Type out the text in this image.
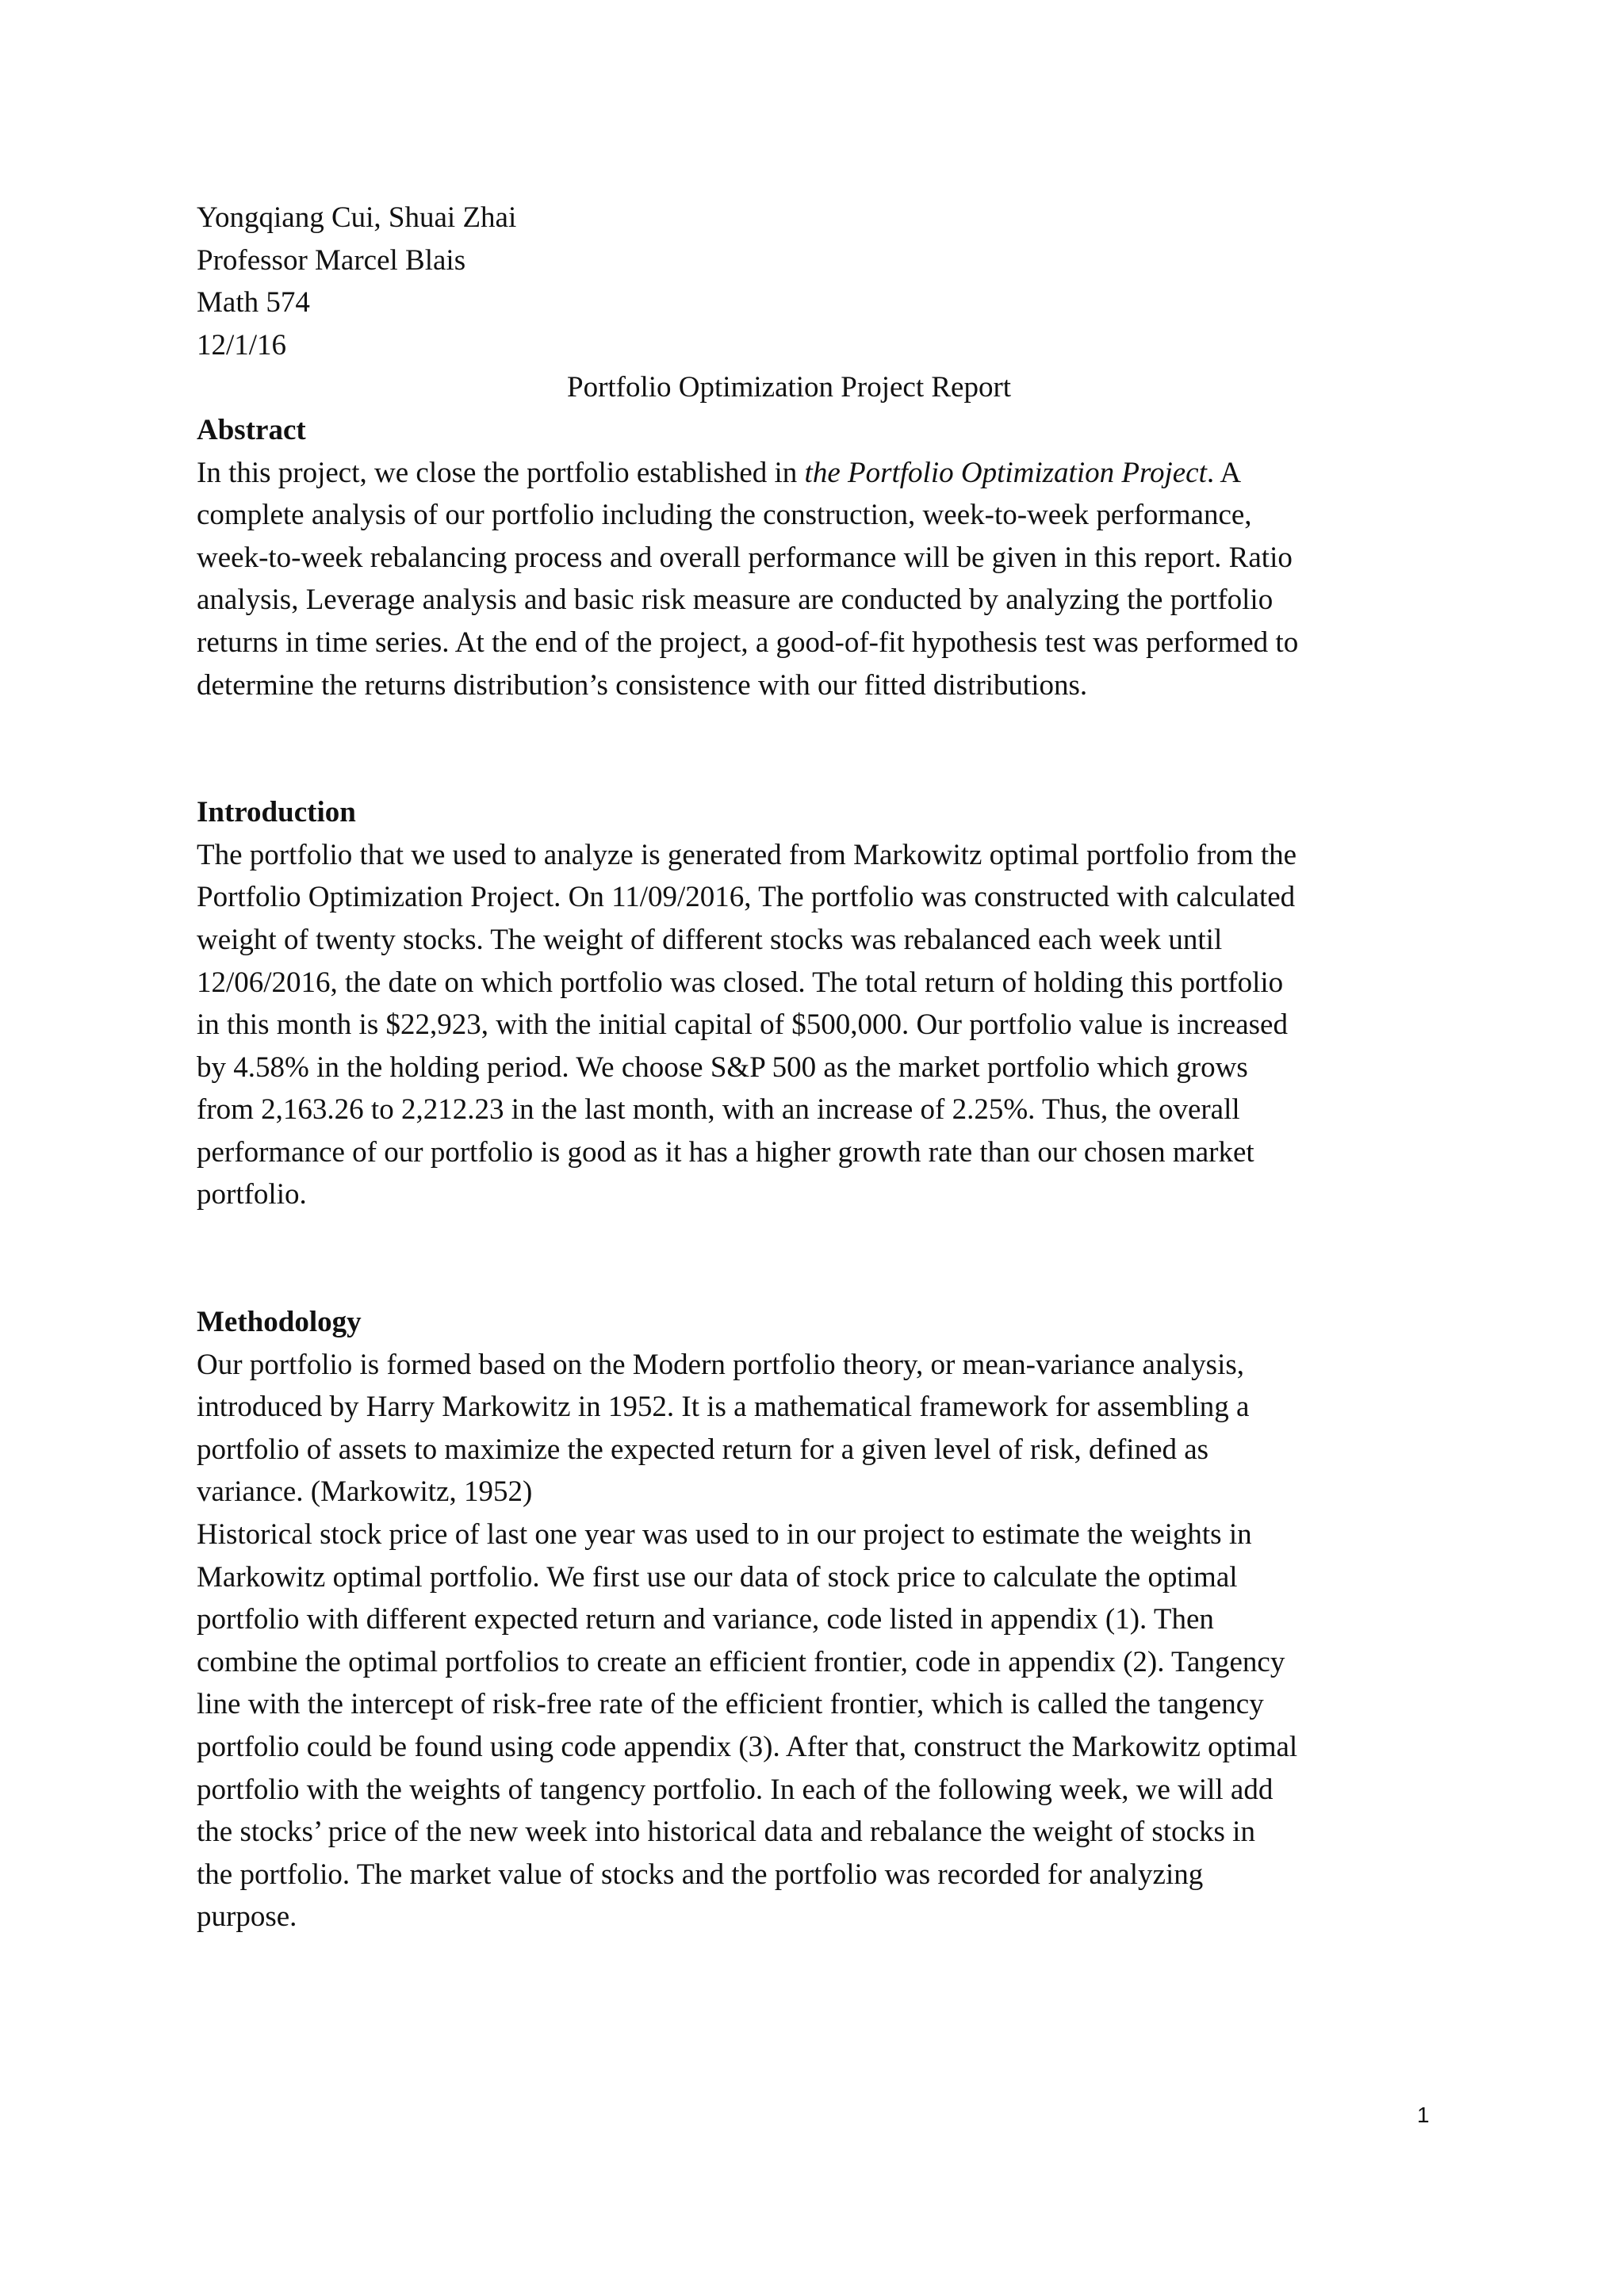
Yongqiang Cui, Shuai Zhai
Professor Marcel Blais
Math 574
12/1/16
Portfolio Optimization Project Report
Abstract
In this project, we close the portfolio established in the Portfolio Optimization Project. A
complete analysis of our portfolio including the construction, week-to-week performance,
week-to-week rebalancing process and overall performance will be given in this report. Ratio
analysis, Leverage analysis and basic risk measure are conducted by analyzing the portfolio
returns in time series. At the end of the project, a good-of-fit hypothesis test was performed to
determine the returns distribution’s consistence with our fitted distributions.
Introduction
The portfolio that we used to analyze is generated from Markowitz optimal portfolio from the
Portfolio Optimization Project. On 11/09/2016, The portfolio was constructed with calculated
weight of twenty stocks. The weight of different stocks was rebalanced each week until
12/06/2016, the date on which portfolio was closed. The total return of holding this portfolio
in this month is $22,923, with the initial capital of $500,000. Our portfolio value is increased
by 4.58% in the holding period. We choose S&P 500 as the market portfolio which grows
from 2,163.26 to 2,212.23 in the last month, with an increase of 2.25%. Thus, the overall
performance of our portfolio is good as it has a higher growth rate than our chosen market
portfolio.
Methodology
Our portfolio is formed based on the Modern portfolio theory, or mean-variance analysis,
introduced by Harry Markowitz in 1952. It is a mathematical framework for assembling a
portfolio of assets to maximize the expected return for a given level of risk, defined as
variance. (Markowitz, 1952)
Historical stock price of last one year was used to in our project to estimate the weights in
Markowitz optimal portfolio. We first use our data of stock price to calculate the optimal
portfolio with different expected return and variance, code listed in appendix (1). Then
combine the optimal portfolios to create an efficient frontier, code in appendix (2). Tangency
line with the intercept of risk-free rate of the efficient frontier, which is called the tangency
portfolio could be found using code appendix (3). After that, construct the Markowitz optimal
portfolio with the weights of tangency portfolio. In each of the following week, we will add
the stocks’ price of the new week into historical data and rebalance the weight of stocks in
the portfolio. The market value of stocks and the portfolio was recorded for analyzing
purpose.
1
